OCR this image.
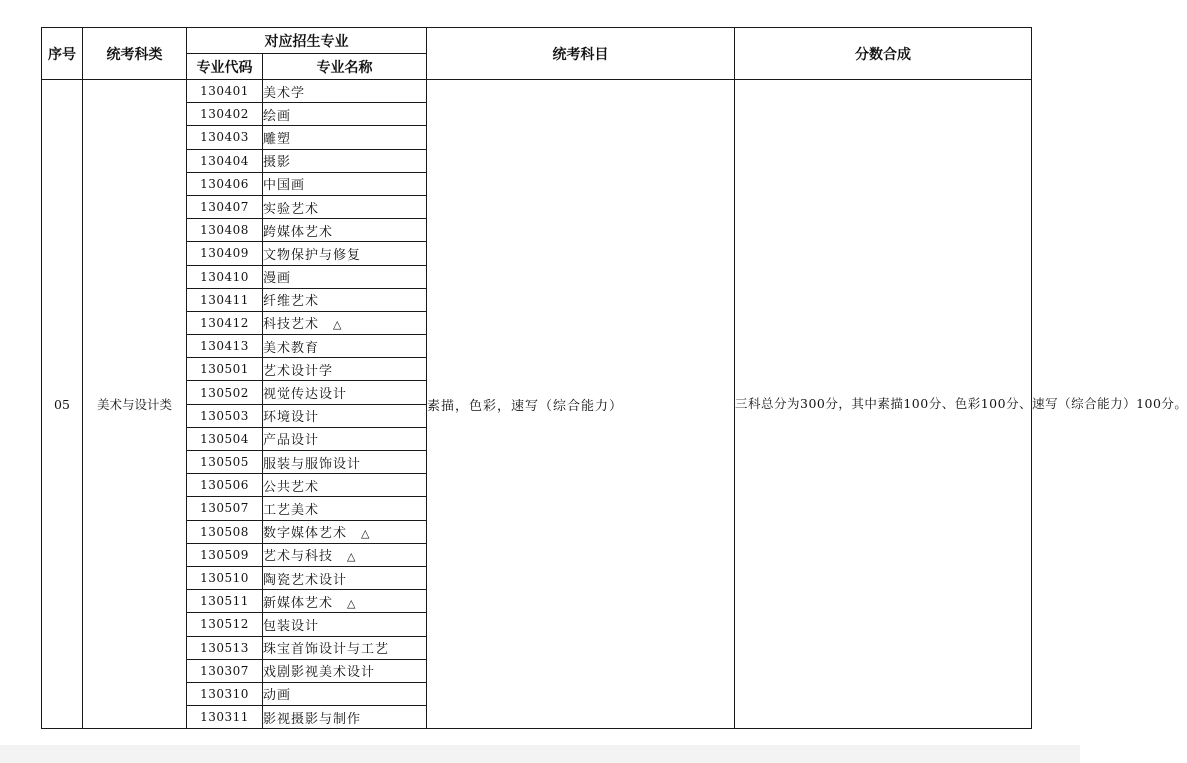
序号	统考科类	对应招生专业		统考科目	分数合成
		专业代码	专业名称		
05	美术与设计类	130401	美术学	素描，色彩，速写（综合能力）	三科总分为300分，其中素描100分、色彩100分、速写（综合能力）100分。
		130402	绘画		
		130403	雕塑		
		130404	摄影		
		130406	中国画		
		130407	实验艺术		
		130408	跨媒体艺术		
		130409	文物保护与修复		
		130410	漫画		
		130411	纤维艺术		
		130412	科技艺术 △		
		130413	美术教育		
		130501	艺术设计学		
		130502	视觉传达设计		
		130503	环境设计		
		130504	产品设计		
		130505	服装与服饰设计		
		130506	公共艺术		
		130507	工艺美术		
		130508	数字媒体艺术 △		
		130509	艺术与科技 △		
		130510	陶瓷艺术设计		
		130511	新媒体艺术 △		
		130512	包装设计		
		130513	珠宝首饰设计与工艺		
		130307	戏剧影视美术设计		
		130310	动画		
		130311	影视摄影与制作		
